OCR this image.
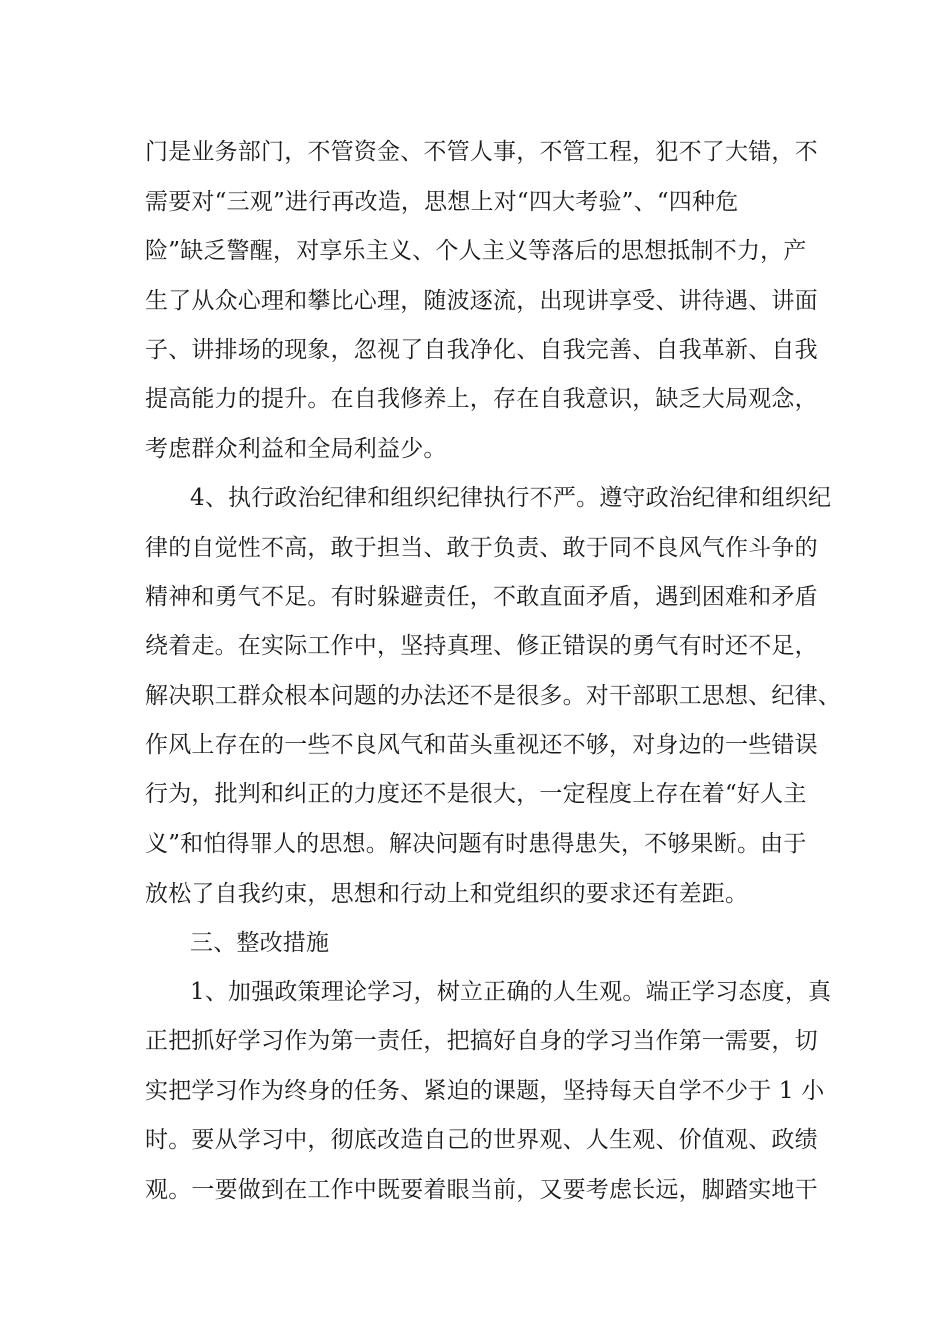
门是业务部门，不管资金、不管人事，不管工程，犯不了大错，不
需要对“三观”进行再改造，思想上对“四大考验”、“四种危
险”缺乏警醒，对享乐主义、个人主义等落后的思想抵制不力，产
生了从众心理和攀比心理，随波逐流，出现讲享受、讲待遇、讲面
子、讲排场的现象，忽视了自我净化、自我完善、自我革新、自我
提高能力的提升。在自我修养上，存在自我意识，缺乏大局观念，
考虑群众利益和全局利益少。
4、执行政治纪律和组织纪律执行不严。遵守政治纪律和组织纪
律的自觉性不高，敢于担当、敢于负责、敢于同不良风气作斗争的
精神和勇气不足。有时躲避责任，不敢直面矛盾，遇到困难和矛盾
绕着走。在实际工作中，坚持真理、修正错误的勇气有时还不足，
解决职工群众根本问题的办法还不是很多。对干部职工思想、纪律、
作风上存在的一些不良风气和苗头重视还不够，对身边的一些错误
行为，批判和纠正的力度还不是很大，一定程度上存在着“好人主
义”和怕得罪人的思想。解决问题有时患得患失，不够果断。由于
放松了自我约束，思想和行动上和党组织的要求还有差距。
三、整改措施
1、加强政策理论学习，树立正确的人生观。端正学习态度，真
正把抓好学习作为第一责任，把搞好自身的学习当作第一需要，切
实把学习作为终身的任务、紧迫的课题，坚持每天自学不少于 1 小
时。要从学习中，彻底改造自己的世界观、人生观、价值观、政绩
观。一要做到在工作中既要着眼当前，又要考虑长远，脚踏实地干
